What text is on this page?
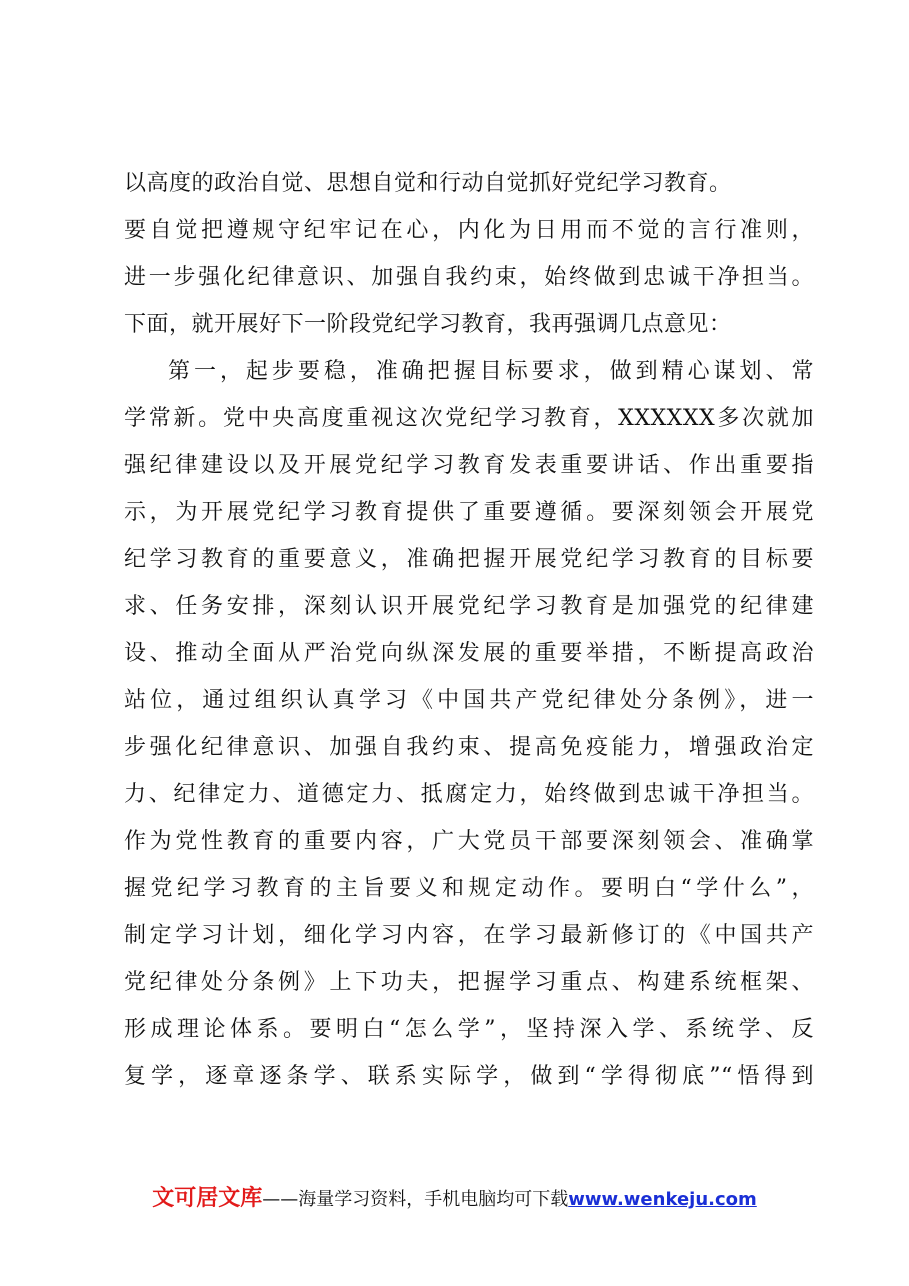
以高度的政治自觉、思想自觉和行动自觉抓好党纪学习教育。
要自觉把遵规守纪牢记在心，内化为日用而不觉的言行准则，
进一步强化纪律意识、加强自我约束，始终做到忠诚干净担当。
下面，就开展好下一阶段党纪学习教育，我再强调几点意见：
第一，起步要稳，准确把握目标要求，做到精心谋划、常
学常新。党中央高度重视这次党纪学习教育，XXXXXX多次就加
强纪律建设以及开展党纪学习教育发表重要讲话、作出重要指
示，为开展党纪学习教育提供了重要遵循。要深刻领会开展党
纪学习教育的重要意义，准确把握开展党纪学习教育的目标要
求、任务安排，深刻认识开展党纪学习教育是加强党的纪律建
设、推动全面从严治党向纵深发展的重要举措，不断提高政治
站位，通过组织认真学习《中国共产党纪律处分条例》，进一
步强化纪律意识、加强自我约束、提高免疫能力，增强政治定
力、纪律定力、道德定力、抵腐定力，始终做到忠诚干净担当。
作为党性教育的重要内容，广大党员干部要深刻领会、准确掌
握党纪学习教育的主旨要义和规定动作。要明白“学什么”，
制定学习计划，细化学习内容，在学习最新修订的《中国共产
党纪律处分条例》上下功夫，把握学习重点、构建系统框架、
形成理论体系。要明白“怎么学”，坚持深入学、系统学、反
复学，逐章逐条学、联系实际学，做到“学得彻底”“悟得到
文可居文库——海量学习资料，手机电脑均可下载www.wenkeju.com
